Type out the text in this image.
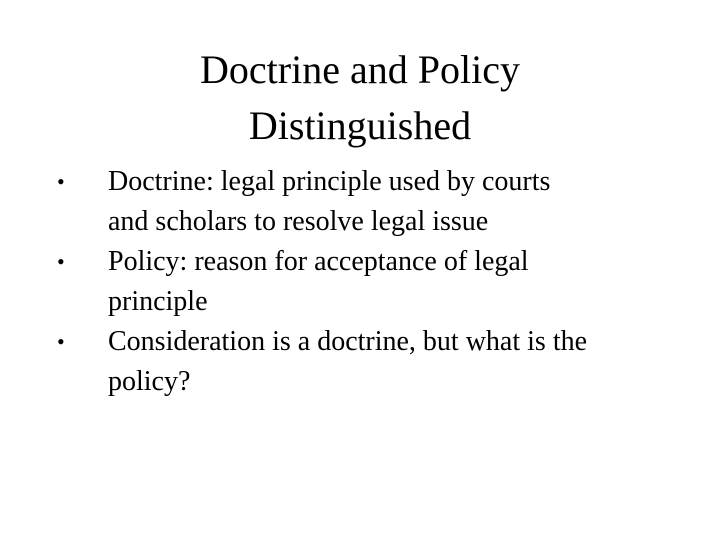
Doctrine and Policy
Distinguished
•	Doctrine: legal principle used by courts
and scholars to resolve legal issue
•	Policy: reason for acceptance of legal
principle
•	Consideration is a doctrine, but what is the
policy?
